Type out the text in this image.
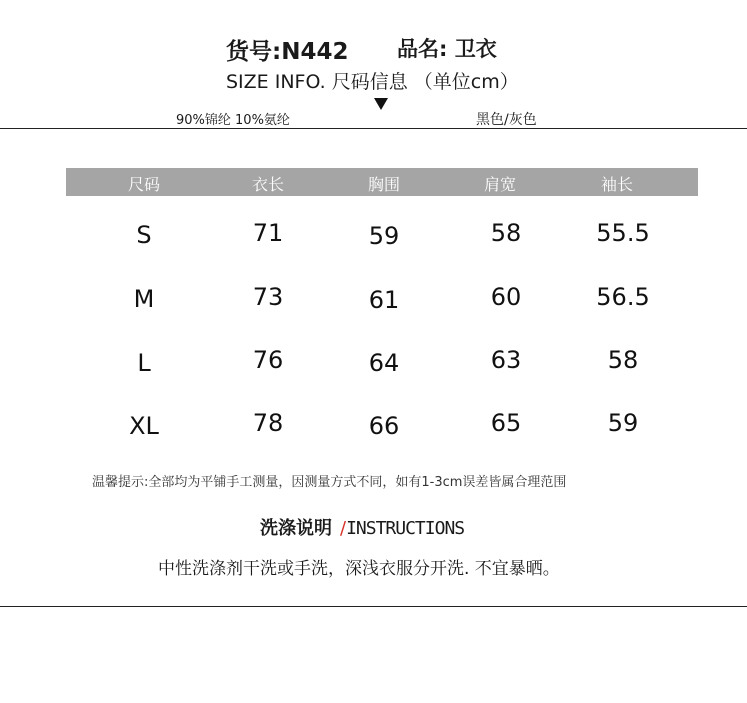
货号:N442 品名: 卫衣
SIZE INFO. 尺码信息 （单位cm）
90%锦纶 10%氨纶	黑色/灰色
尺码	衣长	胸围	肩宽	袖长
S	71	59	58	55.5
M	73	61	60	56.5
L	76	64	63	58
XL	78	66	65	59
温馨提示:全部均为平铺手工测量，因测量方式不同，如有1-3cm误差皆属合理范围
洗涤说明 /INSTRUCTIONS
中性洗涤剂干洗或手洗，深浅衣服分开洗. 不宜暴晒。
